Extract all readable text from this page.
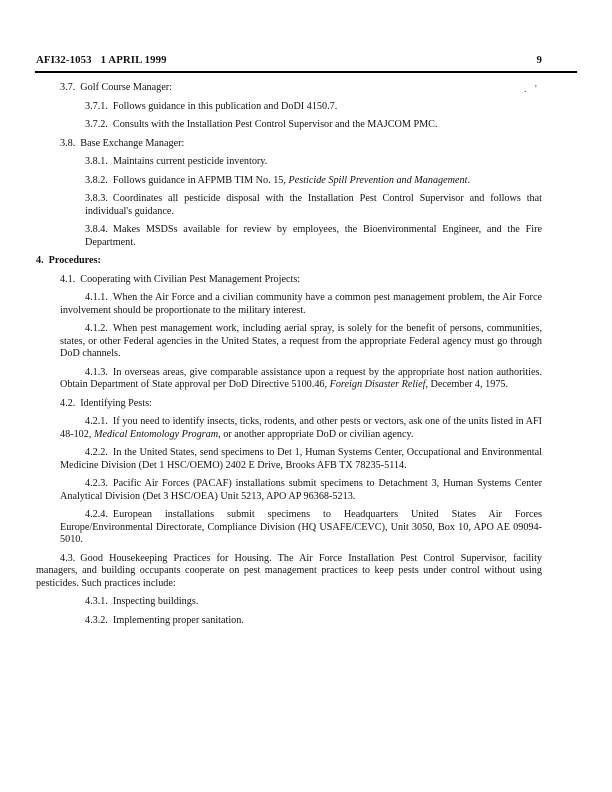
AFI32-1053 1 APRIL 1999	9
. '

3.7. Golf Course Manager:

3.7.1. Follows guidance in this publication and DoDI 4150.7.

3.7.2. Consults with the Installation Pest Control Supervisor and the MAJCOM PMC.

3.8. Base Exchange Manager:

3.8.1. Maintains current pesticide inventory.

3.8.2. Follows guidance in AFPMB TIM No. 15, Pesticide Spill Prevention and Management.

3.8.3. Coordinates all pesticide disposal with the Installation Pest Control Supervisor and follows that individual's guidance.

3.8.4. Makes MSDSs available for review by employees, the Bioenvironmental Engineer, and the Fire Department.

4. Procedures:

4.1. Cooperating with Civilian Pest Management Projects:

4.1.1. When the Air Force and a civilian community have a common pest management problem, the Air Force involvement should be proportionate to the military interest.

4.1.2. When pest management work, including aerial spray, is solely for the benefit of persons, communities, states, or other Federal agencies in the United States, a request from the appropriate Federal agency must go through DoD channels.

4.1.3. In overseas areas, give comparable assistance upon a request by the appropriate host nation authorities. Obtain Department of State approval per DoD Directive 5100.46, Foreign Disaster Relief, December 4, 1975.

4.2. Identifying Pests:

4.2.1. If you need to identify insects, ticks, rodents, and other pests or vectors, ask one of the units listed in AFI 48-102, Medical Entomology Program, or another appropriate DoD or civilian agency.

4.2.2. In the United States, send specimens to Det 1, Human Systems Center, Occupational and Environmental Medicine Division (Det 1 HSC/OEMO) 2402 E Drive, Brooks AFB TX 78235-5114.

4.2.3. Pacific Air Forces (PACAF) installations submit specimens to Detachment 3, Human Systems Center Analytical Division (Det 3 HSC/OEA) Unit 5213, APO AP 96368-5213.

4.2.4. European installations submit specimens to Headquarters United States Air Forces Europe/Environmental Directorate, Compliance Division (HQ USAFE/CEVC), Unit 3050, Box 10, APO AE 09094-5010.

4.3. Good Housekeeping Practices for Housing. The Air Force Installation Pest Control Supervisor, facility managers, and building occupants cooperate on pest management practices to keep pests under control without using pesticides. Such practices include:

4.3.1. Inspecting buildings.

4.3.2. Implementing proper sanitation.
